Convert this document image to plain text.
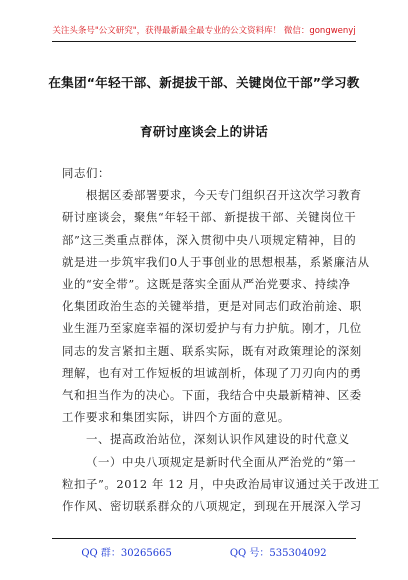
关注头条号"公文研究"，获得最新最全最专业的公文资料库！ 微信：gongwenyj
在集团“年轻干部、新提拔干部、关键岗位干部”学习教
育研讨座谈会上的讲话
同志们：
根据区委部署要求，今天专门组织召开这次学习教育
研讨座谈会，聚焦“年轻干部、新提拔干部、关键岗位干
部”这三类重点群体，深入贯彻中央八项规定精神，目的
就是进一步筑牢我们0人于事创业的思想根基，系紧廉洁从
业的“安全带”。这既是落实全面从严治党要求、持续净
化集团政治生态的关键举措，更是对同志们政治前途、职
业生涯乃至家庭幸福的深切爱护与有力护航。刚才，几位
同志的发言紧扣主题、联系实际，既有对政策理论的深刻
理解，也有对工作短板的坦诚剖析，体现了刀刃向内的勇
气和担当作为的决心。下面，我结合中央最新精神、区委
工作要求和集团实际，讲四个方面的意见。
一、提高政治站位，深刻认识作风建设的时代意义
（一）中央八项规定是新时代全面从严治党的“第一
粒扣子”。2012 年 12 月，中央政治局审议通过关于改进工
作作风、密切联系群众的八项规定，到现在开展深入学习
QQ 群：30265665	QQ 号：535304092
